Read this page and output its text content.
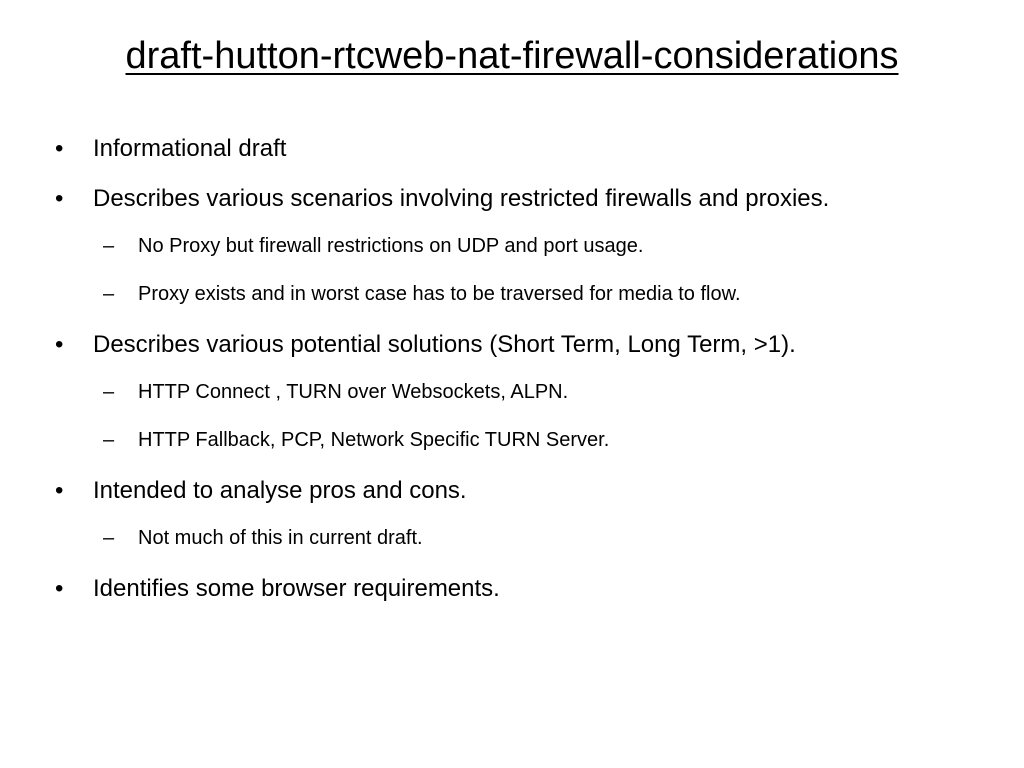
draft-hutton-rtcweb-nat-firewall-considerations
•	Informational draft
•	Describes various scenarios involving restricted firewalls and proxies.
–	No Proxy but firewall restrictions on UDP and port usage.
–	Proxy exists and in worst case has to be traversed for media to flow.
•	Describes various potential solutions (Short Term, Long Term, >1).
–	HTTP Connect , TURN over Websockets, ALPN.
–	HTTP Fallback, PCP, Network Specific TURN Server.
•	Intended to analyse pros and cons.
–	Not much of this in current draft.
•	Identifies some browser requirements.
